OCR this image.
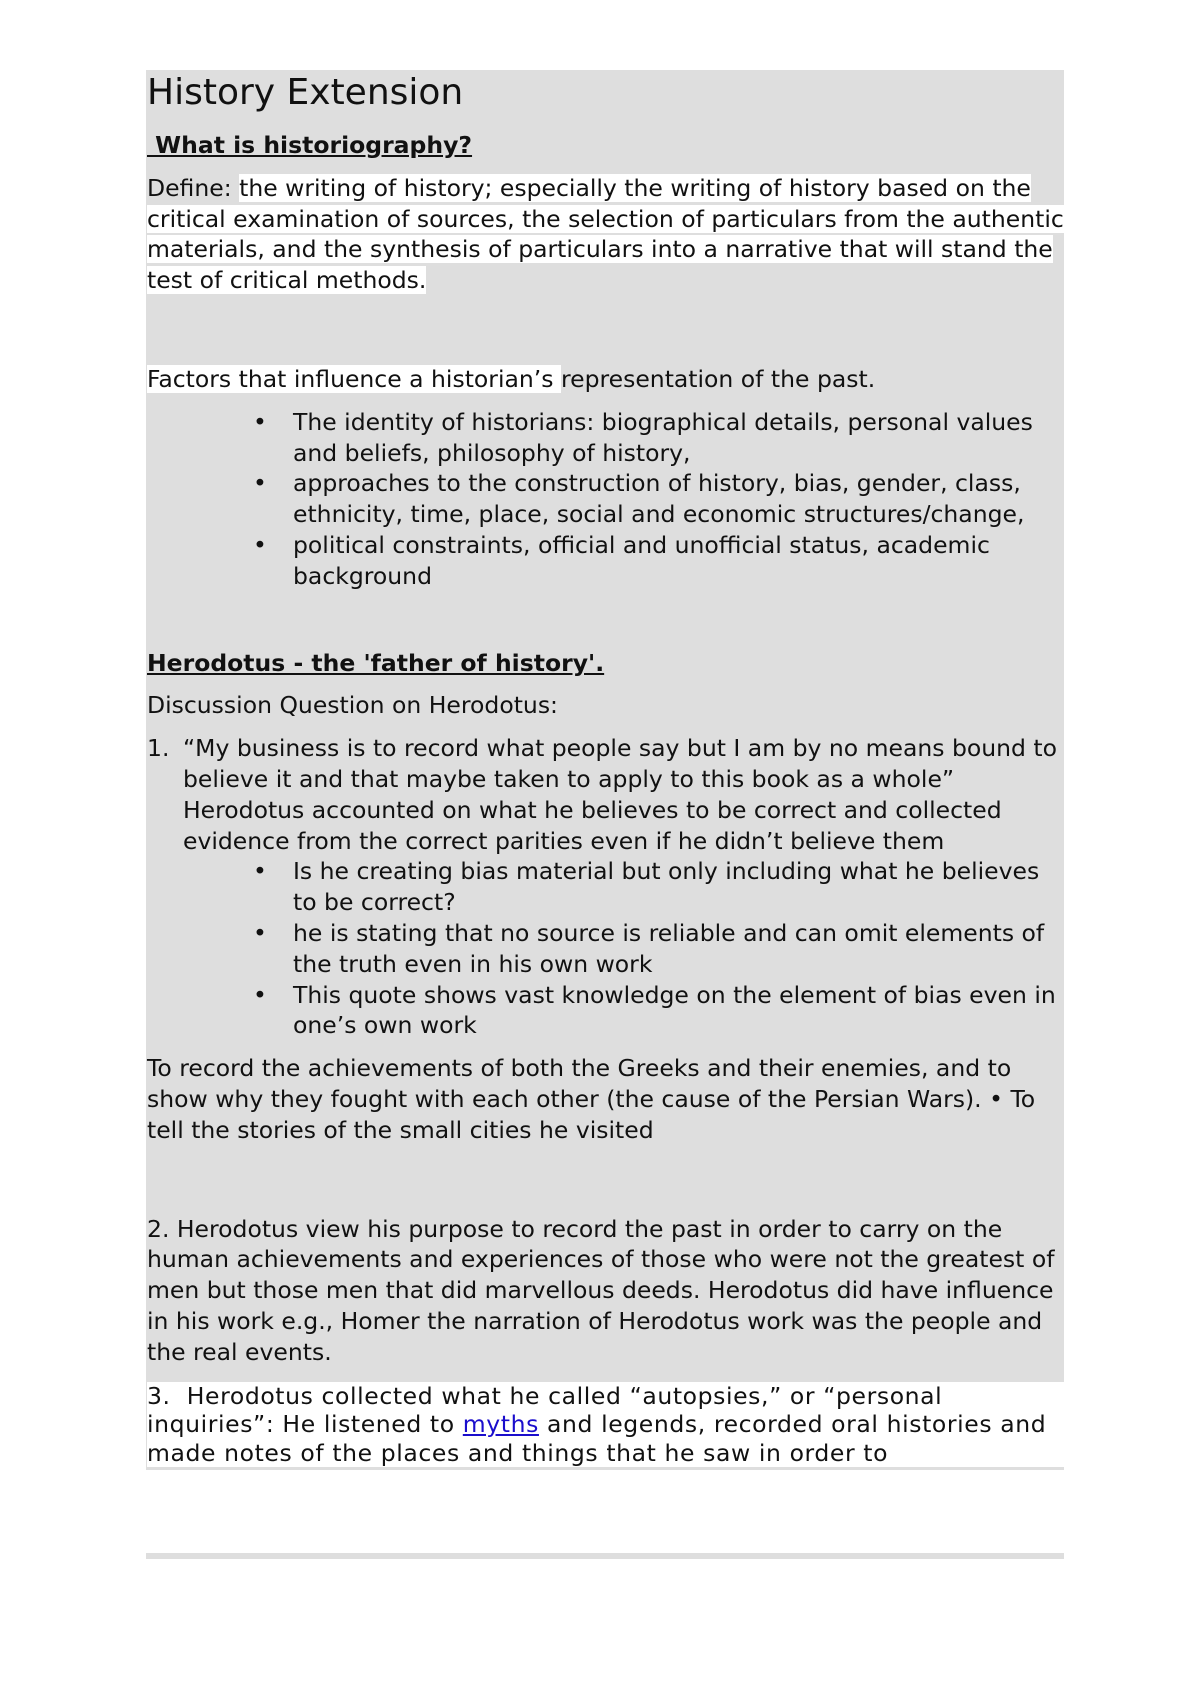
History Extension
What is historiography?
Define: the writing of history; especially the writing of history based on the critical examination of sources, the selection of particulars from the authentic materials, and the synthesis of particulars into a narrative that will stand the test of critical methods.
Factors that influence a historian’s representation of the past.
• The identity of historians: biographical details, personal values and beliefs, philosophy of history,
• approaches to the construction of history, bias, gender, class, ethnicity, time, place, social and economic structures/change,
• political constraints, official and unofficial status, academic background
Herodotus - the 'father of history'.
Discussion Question on Herodotus:
1. “My business is to record what people say but I am by no means bound to believe it and that maybe taken to apply to this book as a whole” Herodotus accounted on what he believes to be correct and collected evidence from the correct parities even if he didn’t believe them
• Is he creating bias material but only including what he believes to be correct?
• he is stating that no source is reliable and can omit elements of the truth even in his own work
• This quote shows vast knowledge on the element of bias even in one’s own work
To record the achievements of both the Greeks and their enemies, and to show why they fought with each other (the cause of the Persian Wars). • To tell the stories of the small cities he visited
2. Herodotus view his purpose to record the past in order to carry on the human achievements and experiences of those who were not the greatest of men but those men that did marvellous deeds. Herodotus did have influence in his work e.g., Homer the narration of Herodotus work was the people and the real events.
3.  Herodotus collected what he called “autopsies,” or “personal inquiries”: He listened to myths and legends, recorded oral histories and made notes of the places and things that he saw in order to
